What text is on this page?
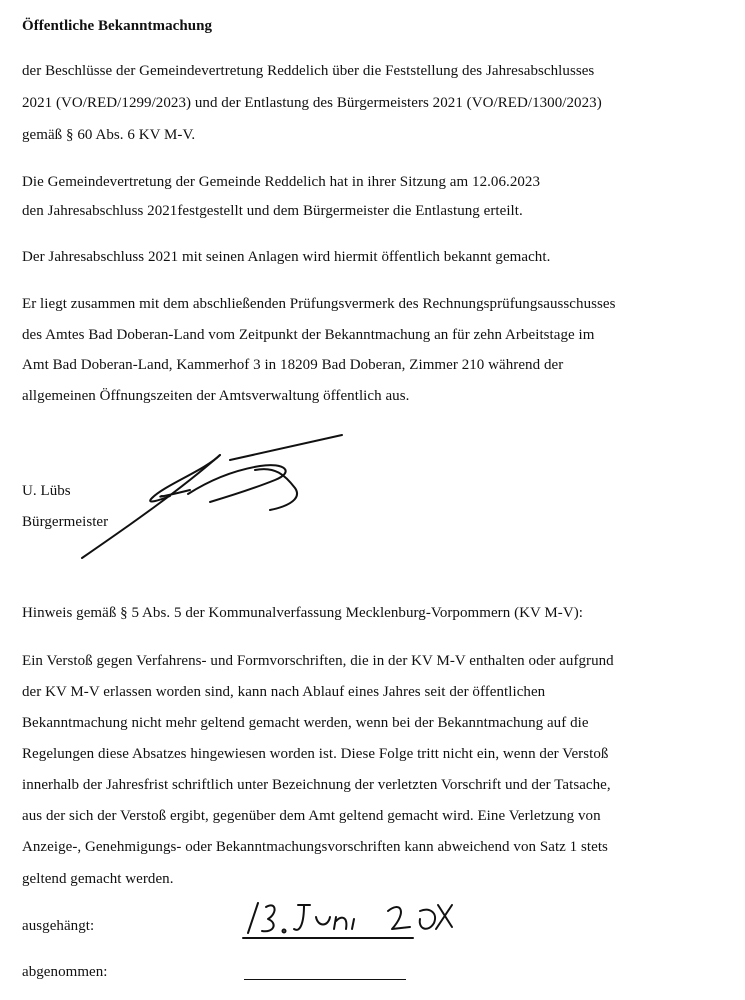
Öffentliche Bekanntmachung
der Beschlüsse der Gemeindevertretung Reddelich über die Feststellung des Jahresabschlusses
2021 (VO/RED/1299/2023) und der Entlastung des Bürgermeisters 2021 (VO/RED/1300/2023)
gemäß § 60 Abs. 6 KV M-V.
Die Gemeindevertretung der Gemeinde Reddelich hat in ihrer Sitzung am 12.06.2023
den Jahresabschluss 2021festgestellt und dem Bürgermeister die Entlastung erteilt.
Der Jahresabschluss 2021 mit seinen Anlagen wird hiermit öffentlich bekannt gemacht.
Er liegt zusammen mit dem abschließenden Prüfungsvermerk des Rechnungsprüfungsausschusses
des Amtes Bad Doberan-Land vom Zeitpunkt der Bekanntmachung an für zehn Arbeitstage im
Amt Bad Doberan-Land, Kammerhof 3 in 18209 Bad Doberan, Zimmer 210 während der
allgemeinen Öffnungszeiten der Amtsverwaltung öffentlich aus.
U. Lübs
Bürgermeister
Hinweis gemäß § 5 Abs. 5 der Kommunalverfassung Mecklenburg-Vorpommern (KV M-V):
Ein Verstoß gegen Verfahrens- und Formvorschriften, die in der KV M-V enthalten oder aufgrund
der KV M-V erlassen worden sind, kann nach Ablauf eines Jahres seit der öffentlichen
Bekanntmachung nicht mehr geltend gemacht werden, wenn bei der Bekanntmachung auf die
Regelungen diese Absatzes hingewiesen worden ist. Diese Folge tritt nicht ein, wenn der Verstoß
innerhalb der Jahresfrist schriftlich unter Bezeichnung der verletzten Vorschrift und der Tatsache,
aus der sich der Verstoß ergibt, gegenüber dem Amt geltend gemacht wird. Eine Verletzung von
Anzeige-, Genehmigungs- oder Bekanntmachungsvorschriften kann abweichend von Satz 1 stets
geltend gemacht werden.
ausgehängt:
abgenommen:
